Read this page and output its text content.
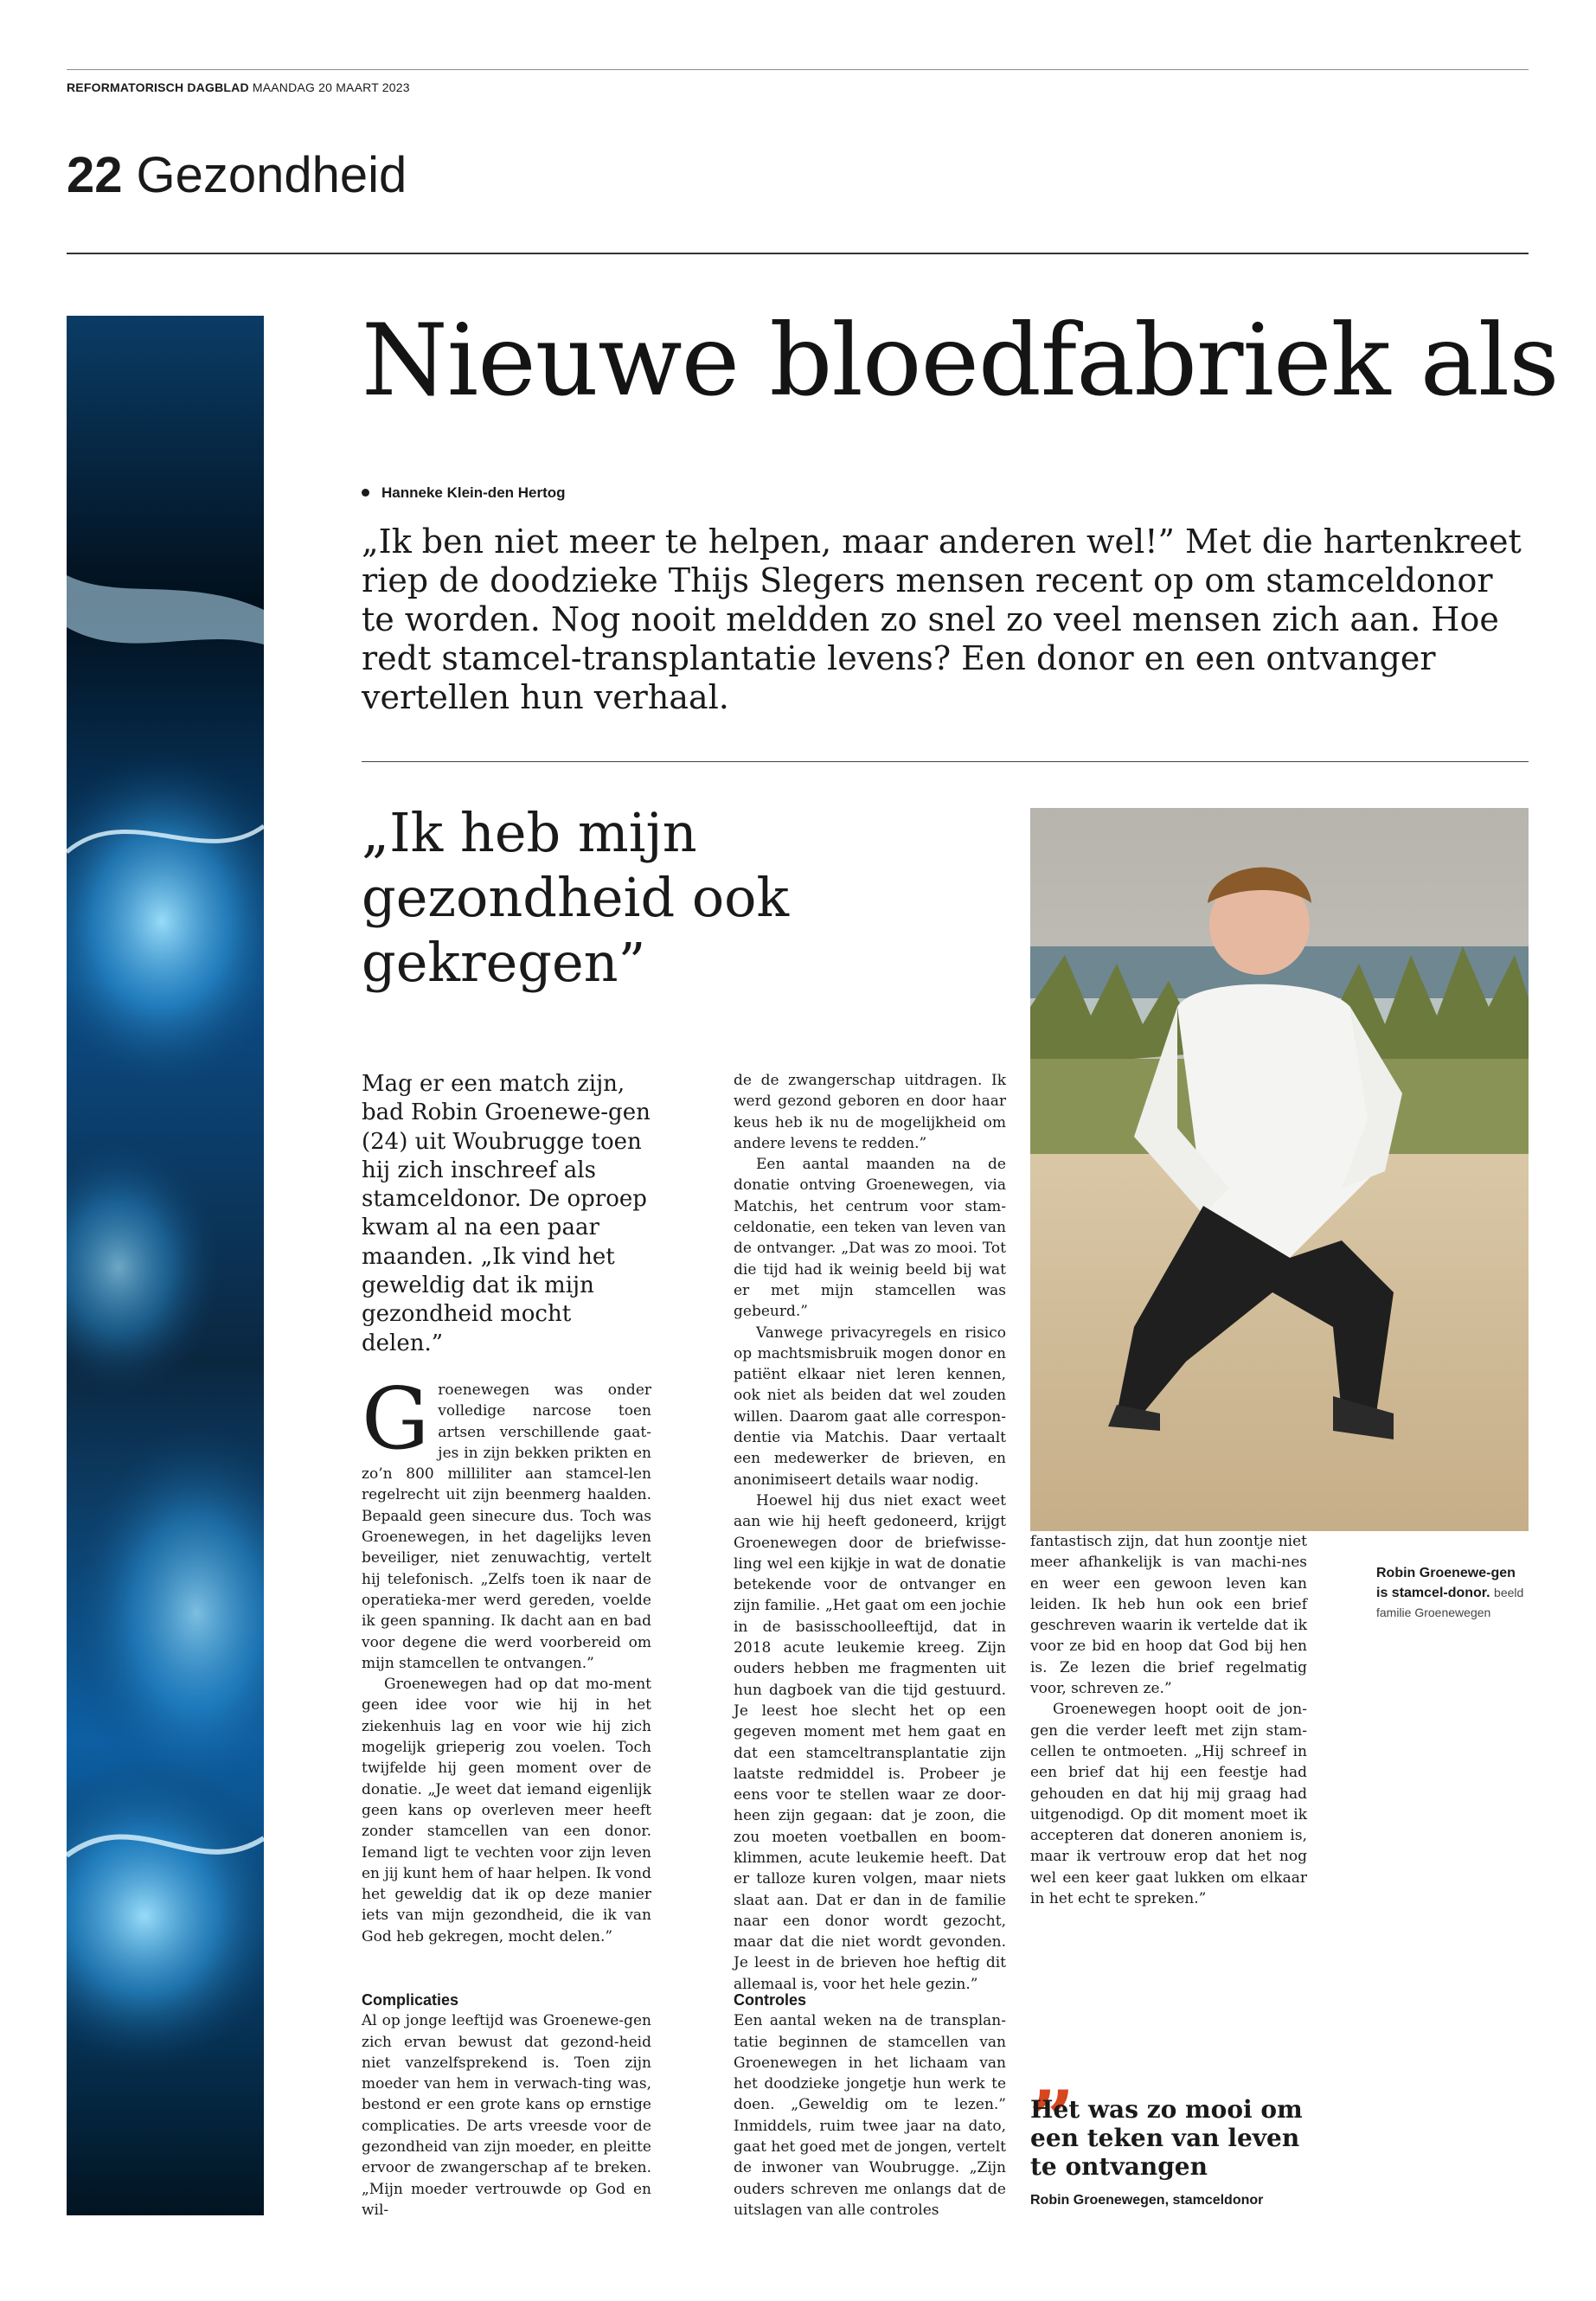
REFORMATORISCH DAGBLAD MAANDAG 20 MAART 2023
22 Gezondheid
Nieuwe bloedfabriek als
Hanneke Klein-den Hertog
„Ik ben niet meer te helpen, maar anderen wel!” Met die hartenkreet riep de doodzieke Thijs Slegers mensen recent op om stamceldonor te worden. Nog nooit meldden zo snel zo veel mensen zich aan. Hoe redt stamcel-transplantatie levens? Een donor en een ontvanger vertellen hun verhaal.
„Ik heb mijn gezondheid ook gekregen”
Mag er een match zijn, bad Robin Groenewe-gen (24) uit Woubrugge toen hij zich inschreef als stamceldonor. De oproep kwam al na een paar maanden. „Ik vind het geweldig dat ik mijn gezondheid mocht delen.”

Groenewegen was onder volledige narcose toen artsen verschillende gaat-jes in zijn bekken prikten en zo’n 800 milliliter aan stamcel-len regelrecht uit zijn beenmerg haalden. Bepaald geen sinecure dus. Toch was Groenewegen, in het dagelijks leven beveiliger, niet zenuwachtig, vertelt hij telefonisch. „Zelfs toen ik naar de operatieka-mer werd gereden, voelde ik geen spanning. Ik dacht aan en bad voor degene die werd voorbereid om mijn stamcellen te ontvangen.”

Groenewegen had op dat mo-ment geen idee voor wie hij in het ziekenhuis lag en voor wie hij zich mogelijk grieperig zou voelen. Toch twijfelde hij geen moment over de donatie. „Je weet dat iemand eigenlijk geen kans op overleven meer heeft zonder stamcellen van een donor. Iemand ligt te vechten voor zijn leven en jij kunt hem of haar helpen. Ik vond het geweldig dat ik op deze manier iets van mijn gezondheid, die ik van God heb gekregen, mocht delen.”

Complicaties

Al op jonge leeftijd was Groenewe-gen zich ervan bewust dat gezond-heid niet vanzelfsprekend is. Toen zijn moeder van hem in verwach-ting was, bestond er een grote kans op ernstige complicaties. De arts vreesde voor de gezondheid van zijn moeder, en pleitte ervoor de zwangerschap af te breken. „Mijn moeder vertrouwde op God en wil-

de de zwangerschap uitdragen. Ik werd gezond geboren en door haar keus heb ik nu de mogelijkheid om andere levens te redden.”

Een aantal maanden na de donatie ontving Groenewegen, via Matchis, het centrum voor stam-celdonatie, een teken van leven van de ontvanger. „Dat was zo mooi. Tot die tijd had ik weinig beeld bij wat er met mijn stamcellen was gebeurd.”

Vanwege privacyregels en risico op machtsmisbruik mogen donor en patiënt elkaar niet leren kennen, ook niet als beiden dat wel zouden willen. Daarom gaat alle correspon-dentie via Matchis. Daar vertaalt een medewerker de brieven, en anonimiseert details waar nodig.

Hoewel hij dus niet exact weet aan wie hij heeft gedoneerd, krijgt Groenewegen door de briefwisse-ling wel een kijkje in wat de donatie betekende voor de ontvanger en zijn familie. „Het gaat om een jochie in de basisschoolleeftijd, dat in 2018 acute leukemie kreeg. Zijn ouders hebben me fragmenten uit hun dagboek van die tijd gestuurd. Je leest hoe slecht het op een gegeven moment met hem gaat en dat een stamceltransplantatie zijn laatste redmiddel is. Probeer je eens voor te stellen waar ze door-heen zijn gegaan: dat je zoon, die zou moeten voetballen en boom-klimmen, acute leukemie heeft. Dat er talloze kuren volgen, maar niets slaat aan. Dat er dan in de familie naar een donor wordt gezocht, maar dat die niet wordt gevonden. Je leest in de brieven hoe heftig dit allemaal is, voor het hele gezin.”

Controles

Een aantal weken na de transplan-tatie beginnen de stamcellen van Groenewegen in het lichaam van het doodzieke jongetje hun werk te doen. „Geweldig om te lezen.” Inmiddels, ruim twee jaar na dato, gaat het goed met de jongen, vertelt de inwoner van Woubrugge. „Zijn ouders schreven me onlangs dat de uitslagen van alle controles

Robin Groenewe-gen is stamcel-donor. beeld familie Groenewegen

fantastisch zijn, dat hun zoontje niet meer afhankelijk is van machi-nes en weer een gewoon leven kan leiden. Ik heb hun ook een brief geschreven waarin ik vertelde dat ik voor ze bid en hoop dat God bij hen is. Ze lezen die brief regelmatig voor, schreven ze.”

Groenewegen hoopt ooit de jon-gen die verder leeft met zijn stam-cellen te ontmoeten. „Hij schreef in een brief dat hij een feestje had gehouden en dat hij mij graag had uitgenodigd. Op dit moment moet ik accepteren dat doneren anoniem is, maar ik vertrouw erop dat het nog wel een keer gaat lukken om elkaar in het echt te spreken.”

„
Het was zo mooi om een teken van leven te ontvangen
Robin Groenewegen, stamceldonor
